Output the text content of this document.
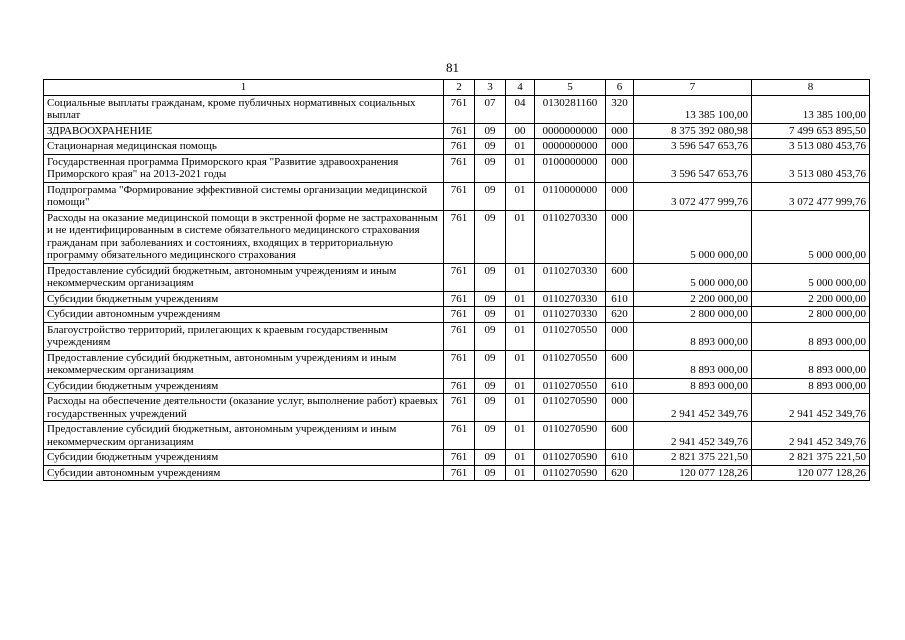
81
1	2	3	4	5	6	7	8
Социальные выплаты гражданам, кроме публичных нормативных социальных выплат	761	07	04	0130281160	320	13 385 100,00	13 385 100,00
ЗДРАВООХРАНЕНИЕ	761	09	00	0000000000	000	8 375 392 080,98	7 499 653 895,50
Стационарная медицинская помощь	761	09	01	0000000000	000	3 596 547 653,76	3 513 080 453,76
Государственная программа Приморского края "Развитие здравоохранения Приморского края" на 2013-2021 годы	761	09	01	0100000000	000	3 596 547 653,76	3 513 080 453,76
Подпрограмма "Формирование эффективной системы организации медицинской помощи"	761	09	01	0110000000	000	3 072 477 999,76	3 072 477 999,76
Расходы на оказание медицинской помощи в экстренной форме не застрахованным и не идентифицированным в системе обязательного медицинского страхования гражданам при заболеваниях и состояниях, входящих в территориальную программу обязательного медицинского страхования	761	09	01	0110270330	000	5 000 000,00	5 000 000,00
Предоставление субсидий бюджетным, автономным учреждениям и иным некоммерческим организациям	761	09	01	0110270330	600	5 000 000,00	5 000 000,00
Субсидии бюджетным учреждениям	761	09	01	0110270330	610	2 200 000,00	2 200 000,00
Субсидии автономным учреждениям	761	09	01	0110270330	620	2 800 000,00	2 800 000,00
Благоустройство территорий, прилегающих к краевым государственным учреждениям	761	09	01	0110270550	000	8 893 000,00	8 893 000,00
Предоставление субсидий бюджетным, автономным учреждениям и иным некоммерческим организациям	761	09	01	0110270550	600	8 893 000,00	8 893 000,00
Субсидии бюджетным учреждениям	761	09	01	0110270550	610	8 893 000,00	8 893 000,00
Расходы на обеспечение деятельности (оказание услуг, выполнение работ) краевых государственных учреждений	761	09	01	0110270590	000	2 941 452 349,76	2 941 452 349,76
Предоставление субсидий бюджетным, автономным учреждениям и иным некоммерческим организациям	761	09	01	0110270590	600	2 941 452 349,76	2 941 452 349,76
Субсидии бюджетным учреждениям	761	09	01	0110270590	610	2 821 375 221,50	2 821 375 221,50
Субсидии автономным учреждениям	761	09	01	0110270590	620	120 077 128,26	120 077 128,26
